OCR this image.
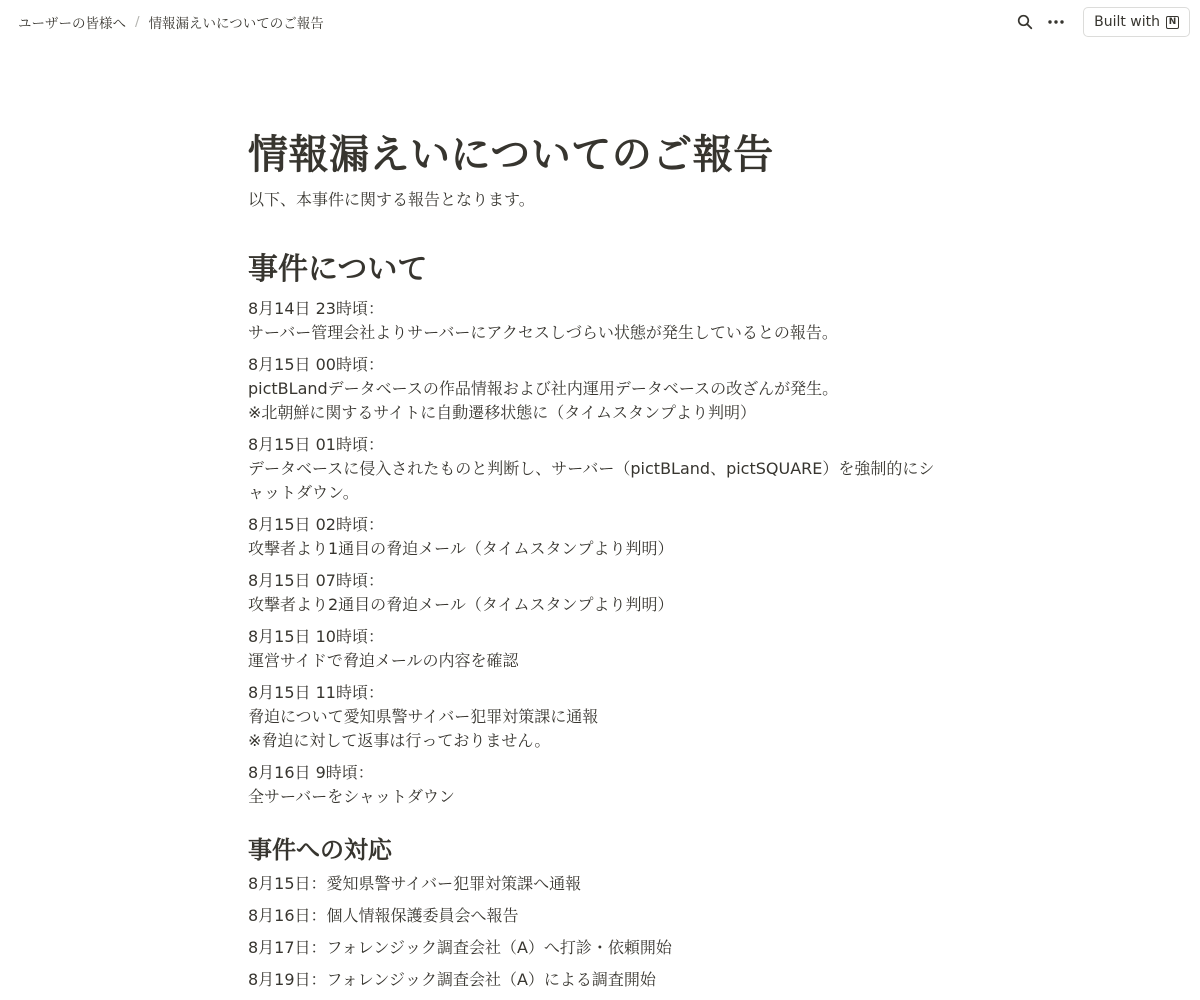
ユーザーの皆様へ / 情報漏えいについてのご報告	Built with N
情報漏えいについてのご報告

以下、本事件に関する報告となります。

事件について
8月14日 23時頃：
サーバー管理会社よりサーバーにアクセスしづらい状態が発生しているとの報告。
8月15日 00時頃：
pictBLandデータベースの作品情報および社内運用データベースの改ざんが発生。
※北朝鮮に関するサイトに自動遷移状態に（タイムスタンプより判明）
8月15日 01時頃：
データベースに侵入されたものと判断し、サーバー（pictBLand、pictSQUARE）を強制的にシャットダウン。
8月15日 02時頃：
攻撃者より1通目の脅迫メール（タイムスタンプより判明）
8月15日 07時頃：
攻撃者より2通目の脅迫メール（タイムスタンプより判明）
8月15日 10時頃：
運営サイドで脅迫メールの内容を確認
8月15日 11時頃：
脅迫について愛知県警サイバー犯罪対策課に通報
※脅迫に対して返事は行っておりません。
8月16日 9時頃：
全サーバーをシャットダウン
事件への対応
8月15日：愛知県警サイバー犯罪対策課へ通報
8月16日：個人情報保護委員会へ報告
8月17日：フォレンジック調査会社（A）へ打診・依頼開始
8月19日：フォレンジック調査会社（A）による調査開始
